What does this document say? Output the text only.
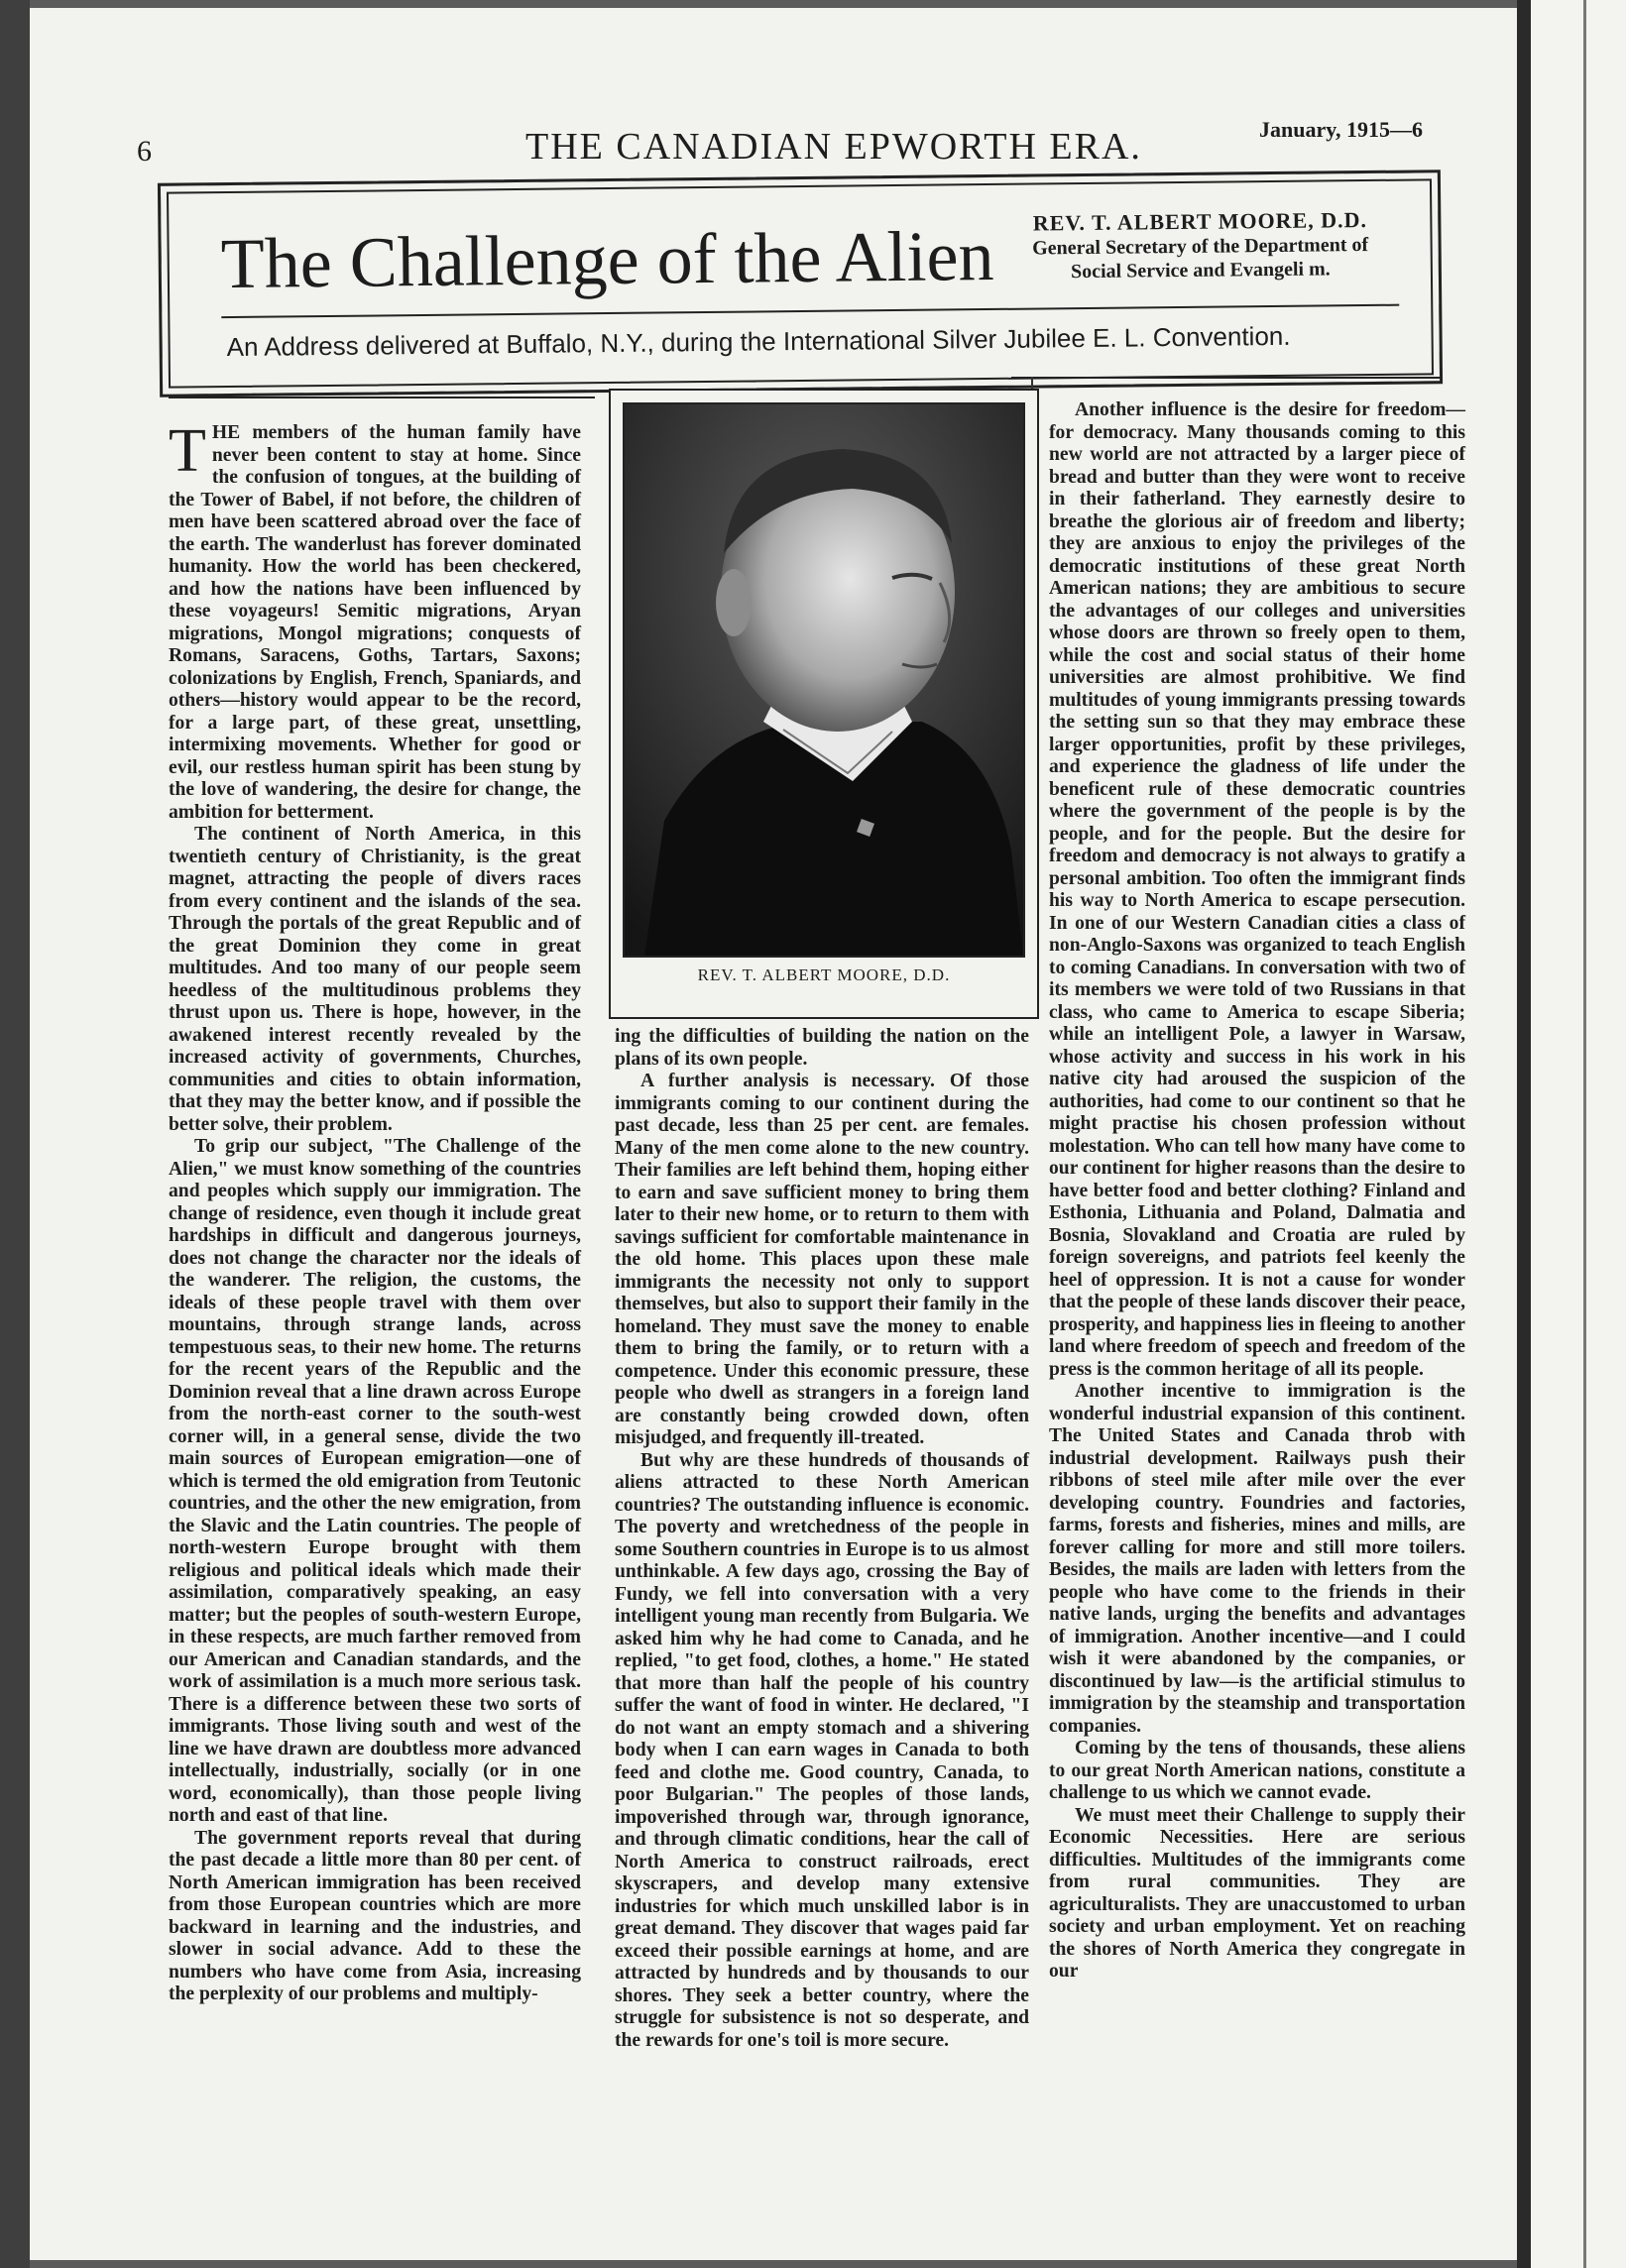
6	THE CANADIAN EPWORTH ERA.	January, 1915—6
The Challenge of the Alien	REV. T. ALBERT MOORE, D.D.
General Secretary of the Department of
Social Service and Evangeli m.
An Address delivered at Buffalo, N.Y., during the International Silver Jubilee E. L. Convention.

THE members of the human family have never been content to stay at home. Since the confusion of tongues, at the building of the Tower of Babel, if not before, the children of men have been scattered abroad over the face of the earth. The wanderlust has forever dominated humanity. How the world has been checkered, and how the nations have been influenced by these voyageurs! Semitic migrations, Aryan migrations, Mongol migrations; conquests of Romans, Saracens, Goths, Tartars, Saxons; colonizations by English, French, Spaniards, and others—history would appear to be the record, for a large part, of these great, unsettling, intermixing movements. Whether for good or evil, our restless human spirit has been stung by the love of wandering, the desire for change, the ambition for betterment.

The continent of North America, in this twentieth century of Christianity, is the great magnet, attracting the people of divers races from every continent and the islands of the sea. Through the portals of the great Republic and of the great Dominion they come in great multitudes. And too many of our people seem heedless of the multitudinous problems they thrust upon us. There is hope, however, in the awakened interest recently revealed by the increased activity of governments, Churches, communities and cities to obtain information, that they may the better know, and if possible the better solve, their problem.

To grip our subject, "The Challenge of the Alien," we must know something of the countries and peoples which supply our immigration. The change of residence, even though it include great hardships in difficult and dangerous journeys, does not change the character nor the ideals of the wanderer. The religion, the customs, the ideals of these people travel with them over mountains, through strange lands, across tempestuous seas, to their new home. The returns for the recent years of the Republic and the Dominion reveal that a line drawn across Europe from the north-east corner to the south-west corner will, in a general sense, divide the two main sources of European emigration—one of which is termed the old emigration from Teutonic countries, and the other the new emigration, from the Slavic and the Latin countries. The people of north-western Europe brought with them religious and political ideals which made their assimilation, comparatively speaking, an easy matter; but the peoples of south-western Europe, in these respects, are much farther removed from our American and Canadian standards, and the work of assimilation is a much more serious task. There is a difference between these two sorts of immigrants. Those living south and west of the line we have drawn are doubtless more advanced intellectually, industrially, socially (or in one word, economically), than those people living north and east of that line.

The government reports reveal that during the past decade a little more than 80 per cent. of North American immigration has been received from those European countries which are more backward in learning and the industries, and slower in social advance. Add to these the numbers who have come from Asia, increasing the perplexity of our problems and multiply-

REV. T. ALBERT MOORE, D.D.

ing the difficulties of building the nation on the plans of its own people.

A further analysis is necessary. Of those immigrants coming to our continent during the past decade, less than 25 per cent. are females. Many of the men come alone to the new country. Their families are left behind them, hoping either to earn and save sufficient money to bring them later to their new home, or to return to them with savings sufficient for comfortable maintenance in the old home. This places upon these male immigrants the necessity not only to support themselves, but also to support their family in the homeland. They must save the money to enable them to bring the family, or to return with a competence. Under this economic pressure, these people who dwell as strangers in a foreign land are constantly being crowded down, often misjudged, and frequently ill-treated.

But why are these hundreds of thousands of aliens attracted to these North American countries? The outstanding influence is economic. The poverty and wretchedness of the people in some Southern countries in Europe is to us almost unthinkable. A few days ago, crossing the Bay of Fundy, we fell into conversation with a very intelligent young man recently from Bulgaria. We asked him why he had come to Canada, and he replied, "to get food, clothes, a home." He stated that more than half the people of his country suffer the want of food in winter. He declared, "I do not want an empty stomach and a shivering body when I can earn wages in Canada to both feed and clothe me. Good country, Canada, to poor Bulgarian." The peoples of those lands, impoverished through war, through ignorance, and through climatic conditions, hear the call of North America to construct railroads, erect skyscrapers, and develop many extensive industries for which much unskilled labor is in great demand. They discover that wages paid far exceed their possible earnings at home, and are attracted by hundreds and by thousands to our shores. They seek a better country, where the struggle for subsistence is not so desperate, and the rewards for one's toil is more secure.

Another influence is the desire for freedom—for democracy. Many thousands coming to this new world are not attracted by a larger piece of bread and butter than they were wont to receive in their fatherland. They earnestly desire to breathe the glorious air of freedom and liberty; they are anxious to enjoy the privileges of the democratic institutions of these great North American nations; they are ambitious to secure the advantages of our colleges and universities whose doors are thrown so freely open to them, while the cost and social status of their home universities are almost prohibitive. We find multitudes of young immigrants pressing towards the setting sun so that they may embrace these larger opportunities, profit by these privileges, and experience the gladness of life under the beneficent rule of these democratic countries where the government of the people is by the people, and for the people. But the desire for freedom and democracy is not always to gratify a personal ambition. Too often the immigrant finds his way to North America to escape persecution. In one of our Western Canadian cities a class of non-Anglo-Saxons was organized to teach English to coming Canadians. In conversation with two of its members we were told of two Russians in that class, who came to America to escape Siberia; while an intelligent Pole, a lawyer in Warsaw, whose activity and success in his work in his native city had aroused the suspicion of the authorities, had come to our continent so that he might practise his chosen profession without molestation. Who can tell how many have come to our continent for higher reasons than the desire to have better food and better clothing? Finland and Esthonia, Lithuania and Poland, Dalmatia and Bosnia, Slovakland and Croatia are ruled by foreign sovereigns, and patriots feel keenly the heel of oppression. It is not a cause for wonder that the people of these lands discover their peace, prosperity, and happiness lies in fleeing to another land where freedom of speech and freedom of the press is the common heritage of all its people.

Another incentive to immigration is the wonderful industrial expansion of this continent. The United States and Canada throb with industrial development. Railways push their ribbons of steel mile after mile over the ever developing country. Foundries and factories, farms, forests and fisheries, mines and mills, are forever calling for more and still more toilers. Besides, the mails are laden with letters from the people who have come to the friends in their native lands, urging the benefits and advantages of immigration. Another incentive—and I could wish it were abandoned by the companies, or discontinued by law—is the artificial stimulus to immigration by the steamship and transportation companies.

Coming by the tens of thousands, these aliens to our great North American nations, constitute a challenge to us which we cannot evade.

We must meet their Challenge to supply their Economic Necessities. Here are serious difficulties. Multitudes of the immigrants come from rural communities. They are agriculturalists. They are unaccustomed to urban society and urban employment. Yet on reaching the shores of North America they congregate in our
